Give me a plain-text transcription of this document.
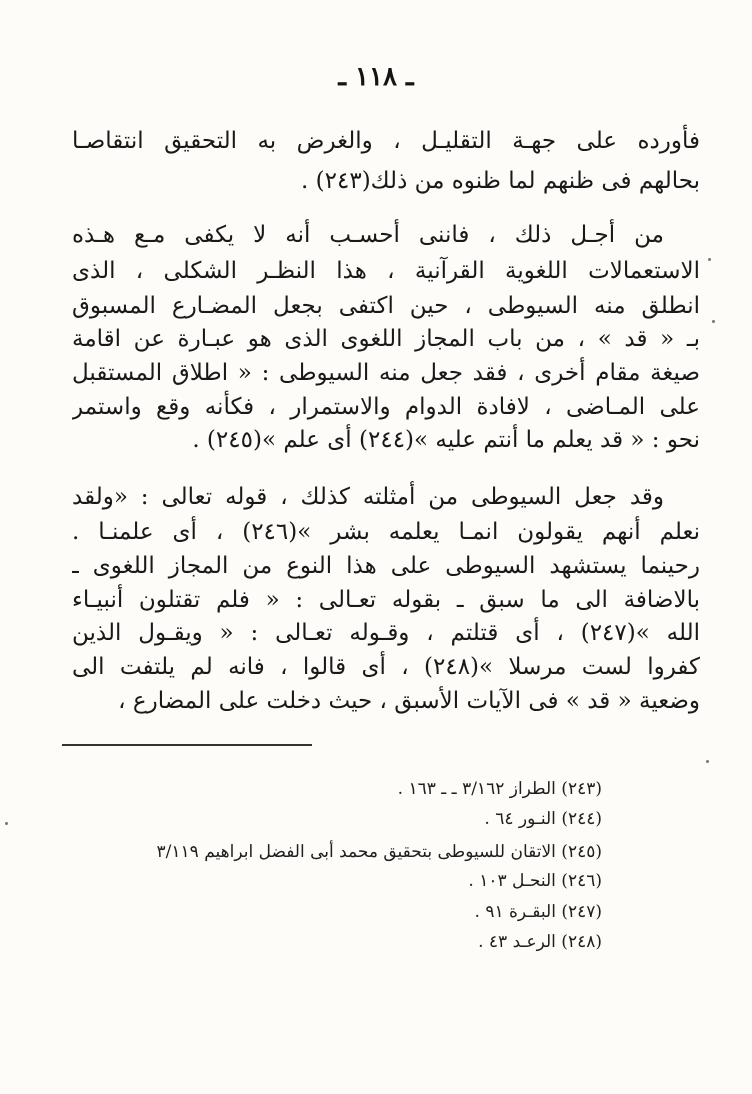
ـ ١١٨ ـ
فأورده على جهـة التقليـل ، والغرض به التحقيق انتقاصـا
بحالهم فى ظنهم لما ظنوه من ذلك(٢٤٣) .
من أجـل ذلك ، فاننى أحسـب أنه لا يكفى مـع هـذه
الاستعمالات اللغوية القرآنية ، هذا النظـر الشكلى ، الذى
انطلق منه السيوطى ، حين اكتفى بجعل المضـارع المسبوق
بـ « قد » ، من باب المجاز اللغوى الذى هو عبـارة عن اقامة
صيغة مقام أخرى ، فقد جعل منه السيوطى : « اطلاق المستقبل
على المـاضى ، لافادة الدوام والاستمرار ، فكأنه وقع واستمر
نحو : « قد يعلم ما أنتم عليه »(٢٤٤) أى علم »(٢٤٥) .
وقد جعل السيوطى من أمثلته كذلك ، قوله تعالى : «ولقد
نعلم أنهم يقولون انمـا يعلمه بشر »(٢٤٦) ، أى علمنـا .
رحينما يستشهد السيوطى على هذا النوع من المجاز اللغوى ـ
بالاضافة الى ما سبق ـ بقوله تعـالى : « فلم تقتلون أنبيـاء
الله »(٢٤٧) ، أى قتلتم ، وقـوله تعـالى : « ويقـول الذين
كفروا لست مرسلا »(٢٤٨) ، أى قالوا ، فانه لم يلتفت الى
وضعية « قد » فى الآيات الأسبق ، حيث دخلت على المضارع ،
(٢٤٣) الطراز ٣/١٦٢ ـ ـ ١٦٣ .
(٢٤٤) النـور ٦٤ .
(٢٤٥) الاتقان للسيوطى بتحقيق محمد أبى الفضل ابراهيم ٣/١١٩
(٢٤٦) النحـل ١٠٣ .
(٢٤٧) البقـرة ٩١ .
(٢٤٨) الرعـد ٤٣ .
